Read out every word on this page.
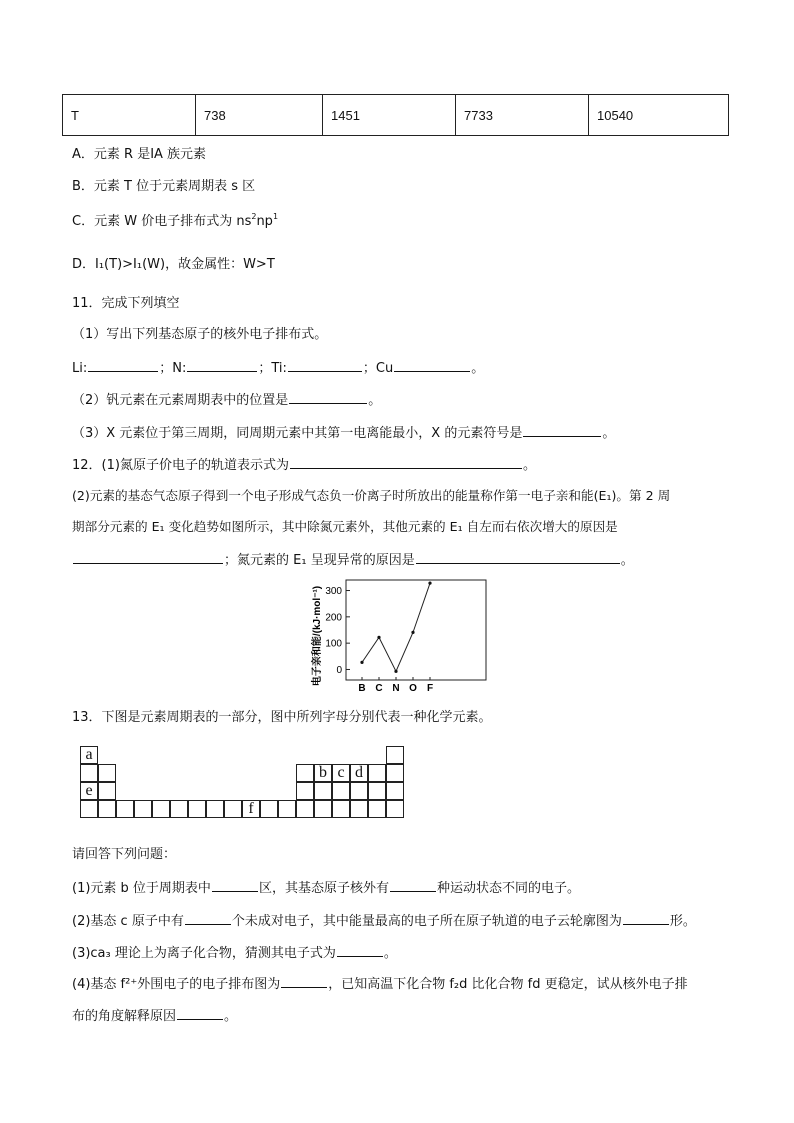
T	738	1451	7733	10540
A．元素 R 是ⅠA 族元素
B．元素 T 位于元素周期表 s 区
C．元素 W 价电子排布式为 $ns^2np^1$
D．I₁(T)>I₁(W)，故金属性：W>T
11．完成下列填空
（1）写出下列基态原子的核外电子排布式。
Li:	；N:	；Ti:	；Cu	。
（2）钒元素在元素周期表中的位置是	。
（3）X 元素位于第三周期，同周期元素中其第一电离能最小，X 的元素符号是	。
12．(1)氮原子价电子的轨道表示式为	。
(2)元素的基态气态原子得到一个电子形成气态负一价离子时所放出的能量称作第一电子亲和能(E₁)。第 2 周
期部分元素的 E₁ 变化趋势如图所示，其中除氮元素外，其他元素的 E₁ 自左而右依次增大的原因是
；氮元素的 E₁ 呈现异常的原因是	。
300
200
100
0
B C N O F
电子亲和能/(kJ·mol⁻¹)
13．下图是元素周期表的一部分，图中所列字母分别代表一种化学元素。
a
b c d
e
f
请回答下列问题：
(1)元素 b 位于周期表中	区，其基态原子核外有	种运动状态不同的电子。
(2)基态 c 原子中有	个未成对电子，其中能量最高的电子所在原子轨道的电子云轮廓图为	形。
(3)ca₃ 理论上为离子化合物，猜测其电子式为	。
(4)基态 f²⁺外围电子的电子排布图为	，已知高温下化合物 f₂d 比化合物 fd 更稳定，试从核外电子排
布的角度解释原因	。
